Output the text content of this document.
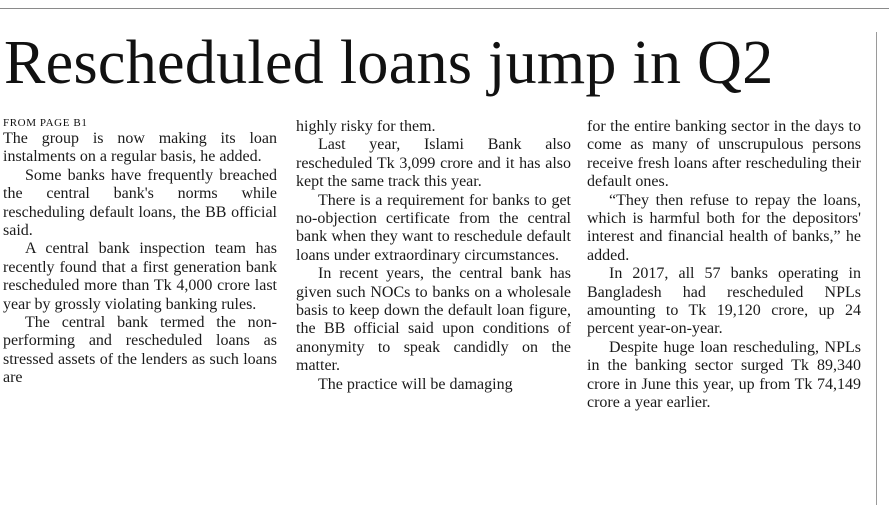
Rescheduled loans jump in Q2
FROM PAGE B1

The group is now making its loan instalments on a regular basis, he added.

Some banks have frequently breached the central bank's norms while rescheduling default loans, the BB official said.

A central bank inspection team has recently found that a first generation bank rescheduled more than Tk 4,000 crore last year by grossly violating banking rules.

The central bank termed the non-performing and rescheduled loans as stressed assets of the lenders as such loans are

highly risky for them.

Last year, Islami Bank also rescheduled Tk 3,099 crore and it has also kept the same track this year.

There is a requirement for banks to get no-objection certificate from the central bank when they want to reschedule default loans under extraordinary circumstances.

In recent years, the central bank has given such NOCs to banks on a wholesale basis to keep down the default loan figure, the BB official said upon conditions of anonymity to speak candidly on the matter.

The practice will be damaging

for the entire banking sector in the days to come as many of unscrupulous persons receive fresh loans after rescheduling their default ones.

“They then refuse to repay the loans, which is harmful both for the depositors' interest and financial health of banks,” he added.

In 2017, all 57 banks operating in Bangladesh had rescheduled NPLs amounting to Tk 19,120 crore, up 24 percent year-on-year.

Despite huge loan rescheduling, NPLs in the banking sector surged Tk 89,340 crore in June this year, up from Tk 74,149 crore a year earlier.
